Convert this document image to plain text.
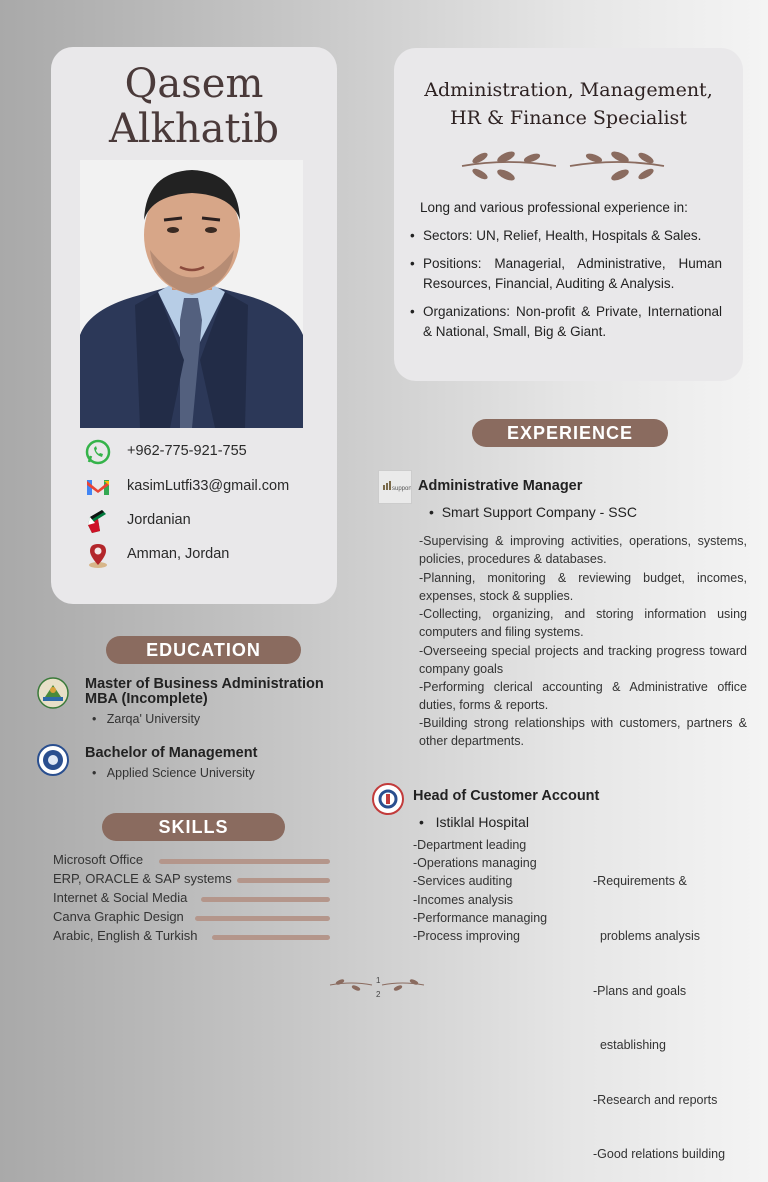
Qasem
Alkhatib
+962-775-921-755
kasimLutfi33@gmail.com
Jordanian
Amman, Jordan
Administration, Management,
HR & Finance Specialist
Long and various professional experience in:
• Sectors: UN, Relief, Health, Hospitals & Sales.
• Positions: Managerial, Administrative, Human Resources, Financial, Auditing & Analysis.
• Organizations: Non-profit & Private, International & National, Small, Big & Giant.
EDUCATION
Master of Business Administration
MBA (Incomplete)
•   Zarqa' University
Bachelor of Management
•   Applied Science University
SKILLS
Microsoft Office
ERP, ORACLE & SAP systems
Internet & Social Media
Canva Graphic Design
Arabic, English & Turkish
EXPERIENCE
support Administrative Manager
•  Smart Support Company - SSC
-Supervising & improving activities, operations, systems, policies, procedures & databases.
-Planning, monitoring & reviewing budget, incomes, expenses, stock & supplies.
-Collecting, organizing, and storing information using computers and filing systems.
-Overseeing special projects and tracking progress toward company goals
-Performing clerical accounting & Administrative office duties, forms & reports.
-Building strong relationships with customers, partners & other departments.
Head of Customer Account
•   Istiklal Hospital
-Department leading
-Operations managing
-Services auditing
-Incomes analysis
-Performance managing
-Process improving

-Requirements &

problems analysis

-Plans and goals

establishing

-Research and reports

-Good relations building

1
2
